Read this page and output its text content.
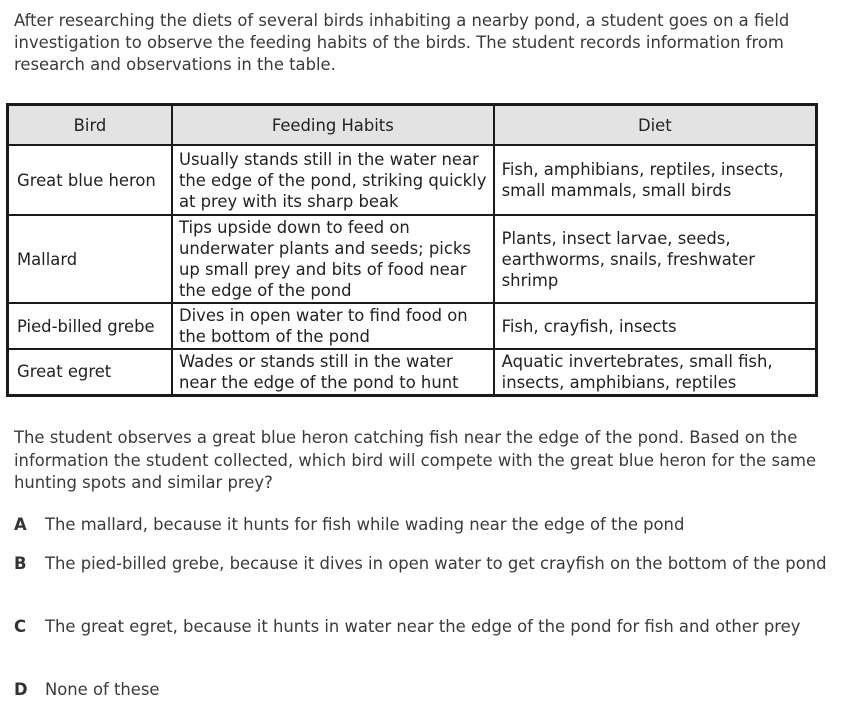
After researching the diets of several birds inhabiting a nearby pond, a student goes on a field investigation to observe the feeding habits of the birds. The student records information from research and observations in the table.

Bird	Feeding Habits	Diet
Great blue heron	Usually stands still in the water near the edge of the pond, striking quickly at prey with its sharp beak	Fish, amphibians, reptiles, insects, small mammals, small birds
Mallard	Tips upside down to feed on underwater plants and seeds; picks up small prey and bits of food near the edge of the pond	Plants, insect larvae, seeds, earthworms, snails, freshwater shrimp
Pied-billed grebe	Dives in open water to find food on the bottom of the pond	Fish, crayfish, insects
Great egret	Wades or stands still in the water near the edge of the pond to hunt	Aquatic invertebrates, small fish, insects, amphibians, reptiles

The student observes a great blue heron catching fish near the edge of the pond. Based on the information the student collected, which bird will compete with the great blue heron for the same hunting spots and similar prey?

A The mallard, because it hunts for fish while wading near the edge of the pond
B The pied-billed grebe, because it dives in open water to get crayfish on the bottom of the pond
C The great egret, because it hunts in water near the edge of the pond for fish and other prey
D None of these
